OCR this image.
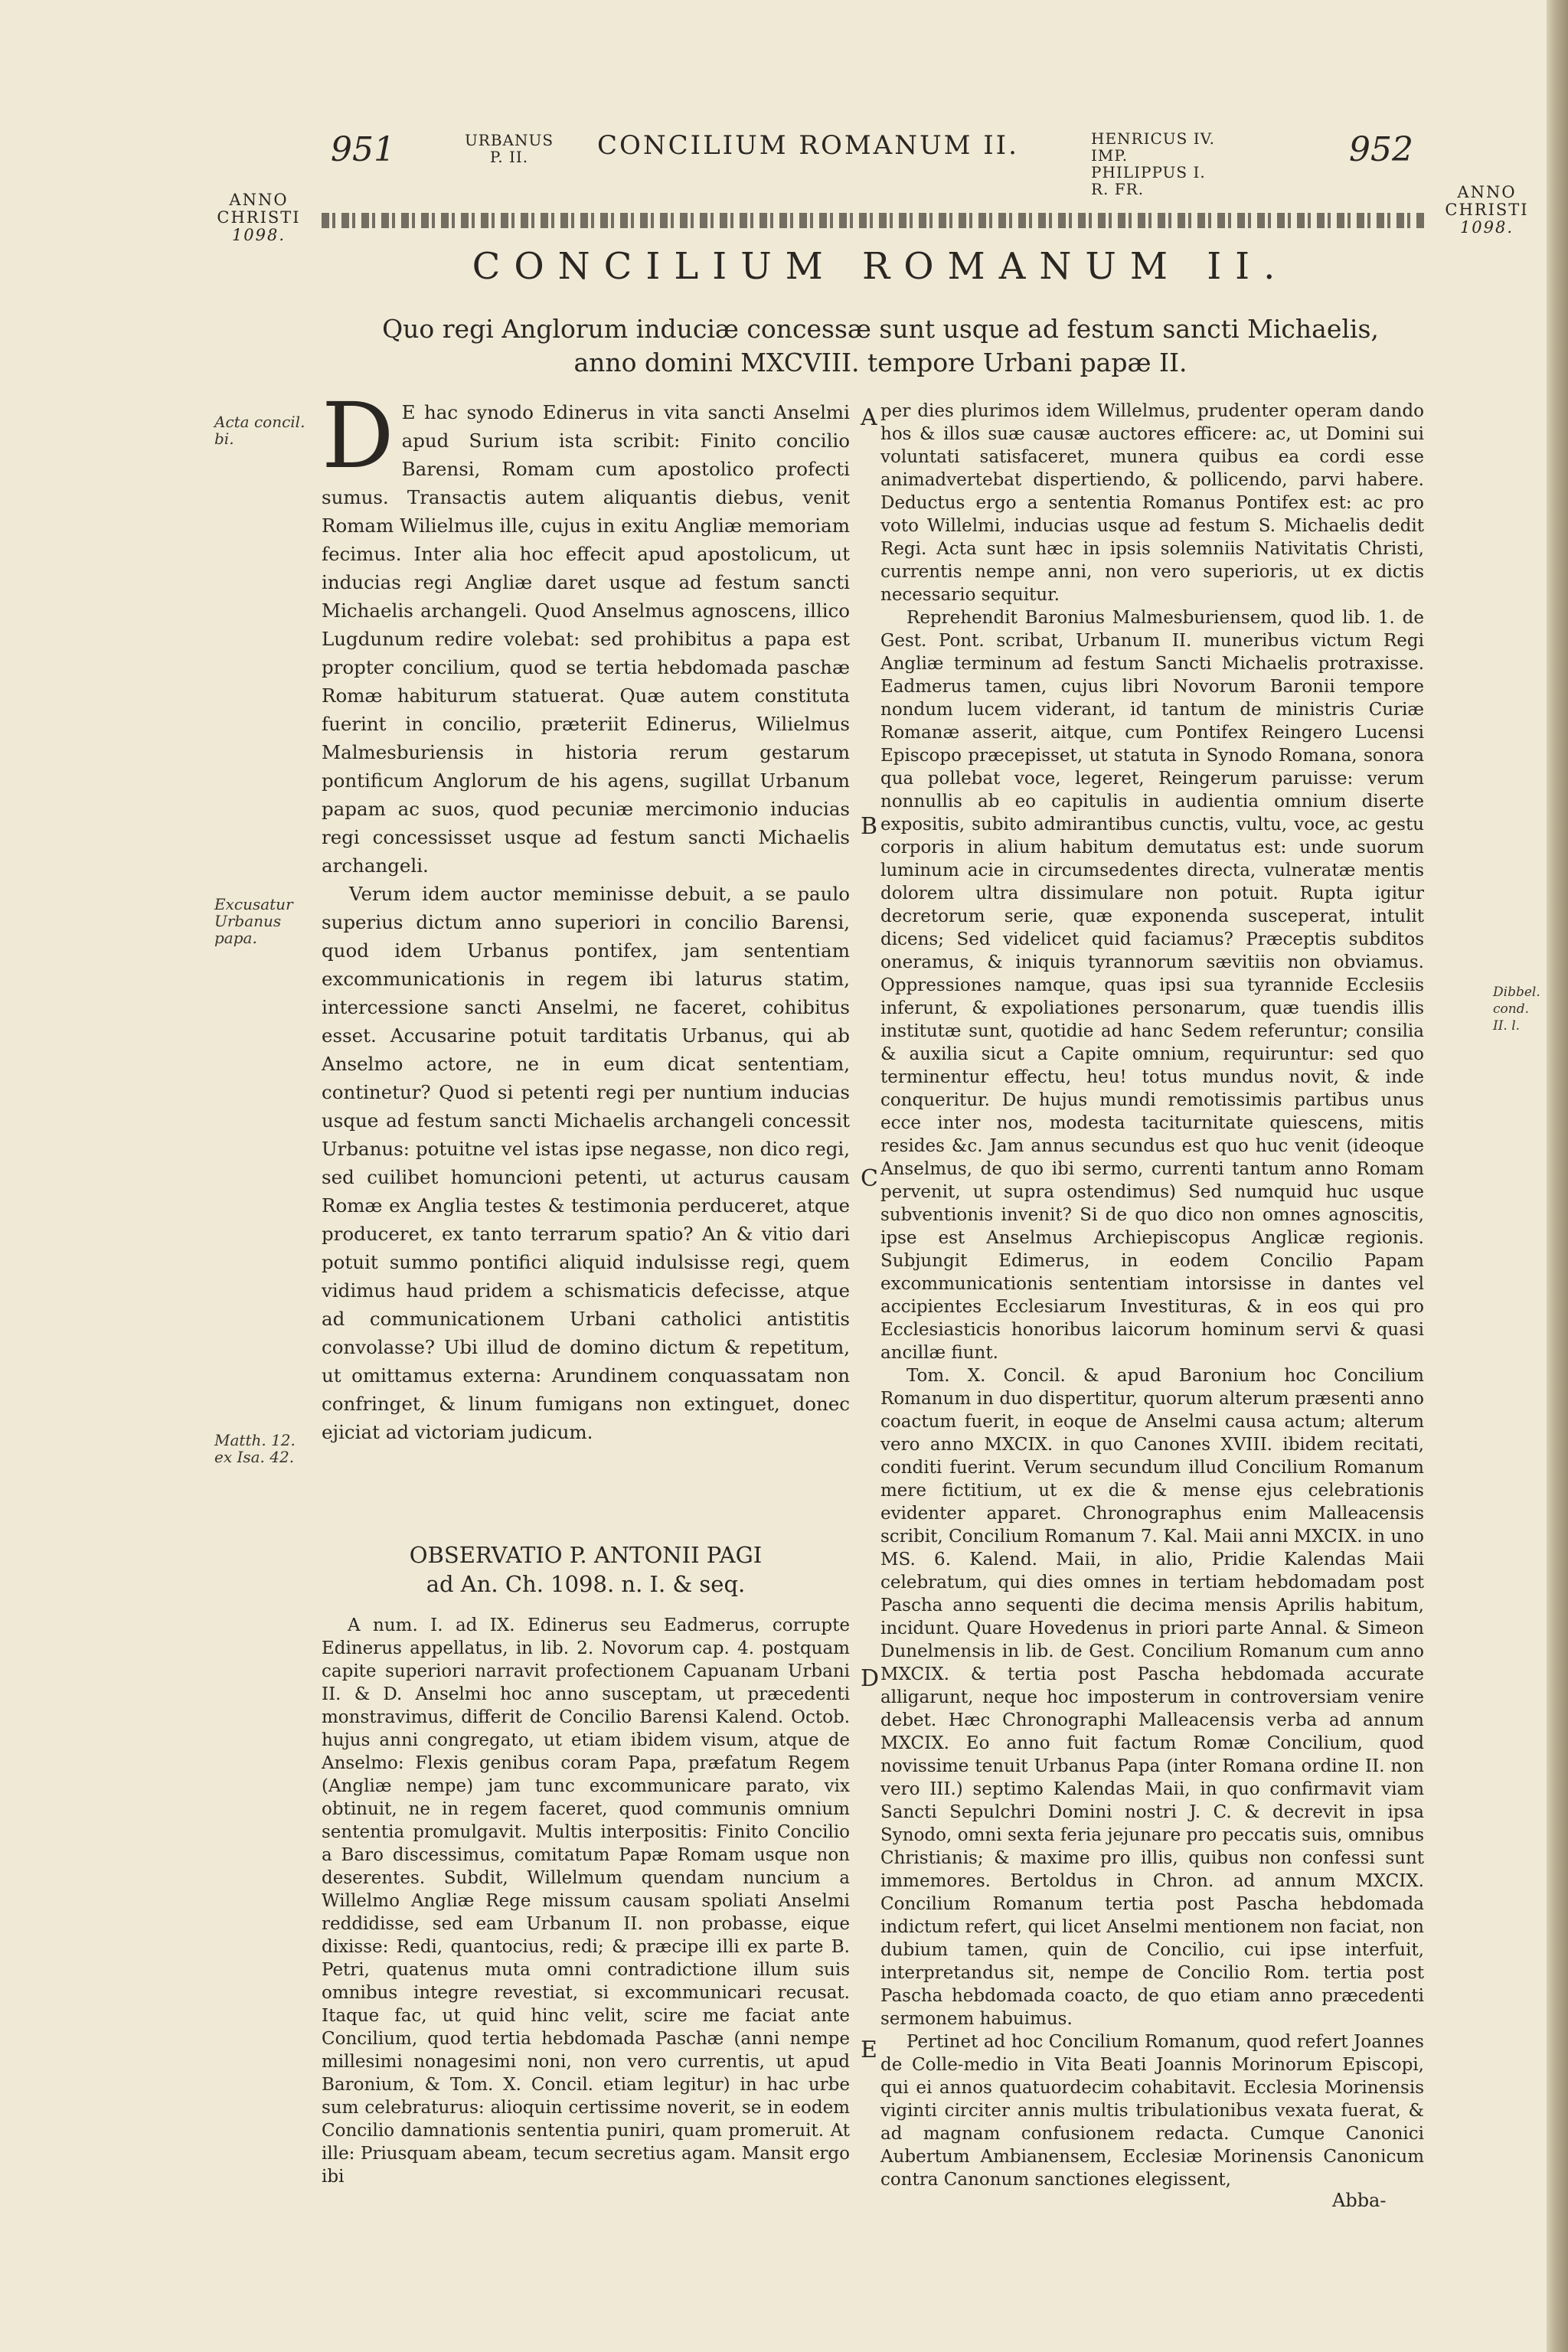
951	URBANUS
P. II.	CONCILIUM ROMANUM II.	HENRICUS IV. IMP.
PHILIPPUS I. R. FR.
952
ANNO
CHRISTI
1098.
ANNO
CHRISTI
1098.
CONCILIUM ROMANUM II.
Quo regi Anglorum induciæ concessæ sunt usque ad festum sancti Michaelis,
anno domini MXCVIII. tempore Urbani papæ II.
Acta concil. bi.
Excusatur Urbanus papa.
Matth. 12. ex Isa. 42.
Dibbel. cond. II. l.
A
B
C
D
E

D E hac synodo Edinerus in vita sancti Anselmi apud Surium ista scribit: Finito concilio Barensi, Romam cum apostolico profecti sumus. Transactis autem aliquantis diebus, venit Romam Wilielmus ille, cujus in exitu Angliæ memoriam fecimus. Inter alia hoc effecit apud apostolicum, ut inducias regi Angliæ daret usque ad festum sancti Michaelis archangeli. Quod Anselmus agnoscens, illico Lugdunum redire volebat: sed prohibitus a papa est propter concilium, quod se tertia hebdomada paschæ Romæ habiturum statuerat. Quæ autem constituta fuerint in concilio, præteriit Edinerus, Wilielmus Malmesburiensis in historia rerum gestarum pontificum Anglorum de his agens, sugillat Urbanum papam ac suos, quod pecuniæ mercimonio inducias regi concessisset usque ad festum sancti Michaelis archangeli.

Verum idem auctor meminisse debuit, a se paulo superius dictum anno superiori in concilio Barensi, quod idem Urbanus pontifex, jam sententiam excommunicationis in regem ibi laturus statim, intercessione sancti Anselmi, ne faceret, cohibitus esset. Accusarine potuit tarditatis Urbanus, qui ab Anselmo actore, ne in eum dicat sententiam, continetur? Quod si petenti regi per nuntium inducias usque ad festum sancti Michaelis archangeli concessit Urbanus: potuitne vel istas ipse negasse, non dico regi, sed cuilibet homuncioni petenti, ut acturus causam Romæ ex Anglia testes & testimonia perduceret, atque produceret, ex tanto terrarum spatio? An & vitio dari potuit summo pontifici aliquid indulsisse regi, quem vidimus haud pridem a schismaticis defecisse, atque ad communicationem Urbani catholici antistitis convolasse? Ubi illud de domino dictum & repetitum, ut omittamus externa: Arundinem conquassatam non confringet, & linum fumigans non extinguet, donec ejiciat ad victoriam judicum.

OBSERVATIO P. ANTONII PAGI
ad An. Ch. 1098. n. I. & seq.

A num. I. ad IX. Edinerus seu Eadmerus, corrupte Edinerus appellatus, in lib. 2. Novorum cap. 4. postquam capite superiori narravit profectionem Capuanam Urbani II. & D. Anselmi hoc anno susceptam, ut præcedenti monstravimus, differit de Concilio Barensi Kalend. Octob. hujus anni congregato, ut etiam ibidem visum, atque de Anselmo: Flexis genibus coram Papa, præfatum Regem (Angliæ nempe) jam tunc excommunicare parato, vix obtinuit, ne in regem faceret, quod communis omnium sententia promulgavit. Multis interpositis: Finito Concilio a Baro discessimus, comitatum Papæ Romam usque non deserentes. Subdit, Willelmum quendam nuncium a Willelmo Angliæ Rege missum causam spoliati Anselmi reddidisse, sed eam Urbanum II. non probasse, eique dixisse: Redi, quantocius, redi; & præcipe illi ex parte B. Petri, quatenus muta omni contradictione illum suis omnibus integre revestiat, si excommunicari recusat. Itaque fac, ut quid hinc velit, scire me faciat ante Concilium, quod tertia hebdomada Paschæ (anni nempe millesimi nonagesimi noni, non vero currentis, ut apud Baronium, & Tom. X. Concil. etiam legitur) in hac urbe sum celebraturus: alioquin certissime noverit, se in eodem Concilio damnationis sententia puniri, quam promeruit. At ille: Priusquam abeam, tecum secretius agam. Mansit ergo ibi

per dies plurimos idem Willelmus, prudenter operam dando hos & illos suæ causæ auctores efficere: ac, ut Domini sui voluntati satisfaceret, munera quibus ea cordi esse animadvertebat dispertiendo, & pollicendo, parvi habere. Deductus ergo a sententia Romanus Pontifex est: ac pro voto Willelmi, inducias usque ad festum S. Michaelis dedit Regi. Acta sunt hæc in ipsis solemniis Nativitatis Christi, currentis nempe anni, non vero superioris, ut ex dictis necessario sequitur.

Reprehendit Baronius Malmesburiensem, quod lib. 1. de Gest. Pont. scribat, Urbanum II. muneribus victum Regi Angliæ terminum ad festum Sancti Michaelis protraxisse. Eadmerus tamen, cujus libri Novorum Baronii tempore nondum lucem viderant, id tantum de ministris Curiæ Romanæ asserit, aitque, cum Pontifex Reingero Lucensi Episcopo præcepisset, ut statuta in Synodo Romana, sonora qua pollebat voce, legeret, Reingerum paruisse: verum nonnullis ab eo capitulis in audientia omnium diserte expositis, subito admirantibus cunctis, vultu, voce, ac gestu corporis in alium habitum demutatus est: unde suorum luminum acie in circumsedentes directa, vulneratæ mentis dolorem ultra dissimulare non potuit. Rupta igitur decretorum serie, quæ exponenda susceperat, intulit dicens; Sed videlicet quid faciamus? Præceptis subditos oneramus, & iniquis tyrannorum sævitiis non obviamus. Oppressiones namque, quas ipsi sua tyrannide Ecclesiis inferunt, & expoliationes personarum, quæ tuendis illis institutæ sunt, quotidie ad hanc Sedem referuntur; consilia & auxilia sicut a Capite omnium, requiruntur: sed quo terminentur effectu, heu! totus mundus novit, & inde conqueritur. De hujus mundi remotissimis partibus unus ecce inter nos, modesta taciturnitate quiescens, mitis resides &c. Jam annus secundus est quo huc venit (ideoque Anselmus, de quo ibi sermo, currenti tantum anno Romam pervenit, ut supra ostendimus) Sed numquid huc usque subventionis invenit? Si de quo dico non omnes agnoscitis, ipse est Anselmus Archiepiscopus Anglicæ regionis. Subjungit Edimerus, in eodem Concilio Papam excommunicationis sententiam intorsisse in dantes vel accipientes Ecclesiarum Investituras, & in eos qui pro Ecclesiasticis honoribus laicorum hominum servi & quasi ancillæ fiunt.

Tom. X. Concil. & apud Baronium hoc Concilium Romanum in duo dispertitur, quorum alterum præsenti anno coactum fuerit, in eoque de Anselmi causa actum; alterum vero anno MXCIX. in quo Canones XVIII. ibidem recitati, conditi fuerint. Verum secundum illud Concilium Romanum mere fictitium, ut ex die & mense ejus celebrationis evidenter apparet. Chronographus enim Malleacensis scribit, Concilium Romanum 7. Kal. Maii anni MXCIX. in uno MS. 6. Kalend. Maii, in alio, Pridie Kalendas Maii celebratum, qui dies omnes in tertiam hebdomadam post Pascha anno sequenti die decima mensis Aprilis habitum, incidunt. Quare Hovedenus in priori parte Annal. & Simeon Dunelmensis in lib. de Gest. Concilium Romanum cum anno MXCIX. & tertia post Pascha hebdomada accurate alligarunt, neque hoc imposterum in controversiam venire debet. Hæc Chronographi Malleacensis verba ad annum MXCIX. Eo anno fuit factum Romæ Concilium, quod novissime tenuit Urbanus Papa (inter Romana ordine II. non vero III.) septimo Kalendas Maii, in quo confirmavit viam Sancti Sepulchri Domini nostri J. C. & decrevit in ipsa Synodo, omni sexta feria jejunare pro peccatis suis, omnibus Christianis; & maxime pro illis, quibus non confessi sunt immemores. Bertoldus in Chron. ad annum MXCIX. Concilium Romanum tertia post Pascha hebdomada indictum refert, qui licet Anselmi mentionem non faciat, non dubium tamen, quin de Concilio, cui ipse interfuit, interpretandus sit, nempe de Concilio Rom. tertia post Pascha hebdomada coacto, de quo etiam anno præcedenti sermonem habuimus.

Pertinet ad hoc Concilium Romanum, quod refert Joannes de Colle-medio in Vita Beati Joannis Morinorum Episcopi, qui ei annos quatuordecim cohabitavit. Ecclesia Morinensis viginti circiter annis multis tribulationibus vexata fuerat, & ad magnam confusionem redacta. Cumque Canonici Aubertum Ambianensem, Ecclesiæ Morinensis Canonicum contra Canonum sanctiones elegissent,

Abba-
